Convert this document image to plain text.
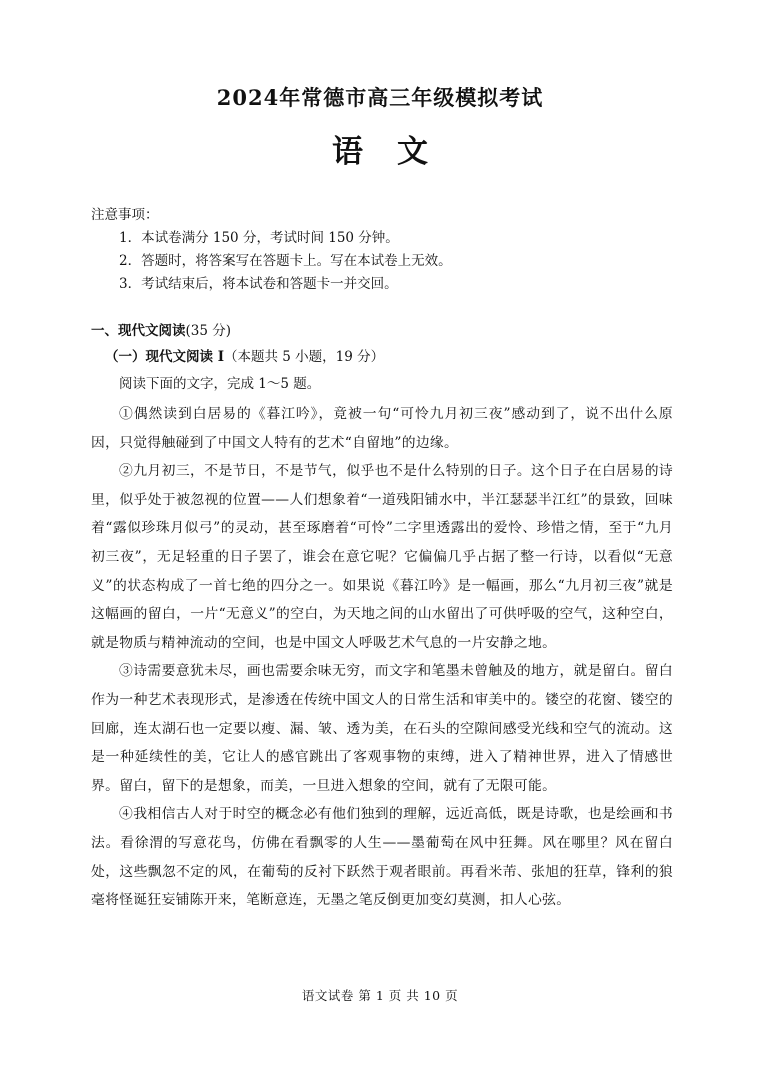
2024年常德市高三年级模拟考试
语文
注意事项：
1．本试卷满分 150 分，考试时间 150 分钟。
2．答题时，将答案写在答题卡上。写在本试卷上无效。
3．考试结束后，将本试卷和答题卡一并交回。
一、现代文阅读(35 分)
（一）现代文阅读 I（本题共 5 小题，19 分）
阅读下面的文字，完成 1～5 题。

①偶然读到白居易的《暮江吟》，竟被一句“可怜九月初三夜”感动到了，说不出什么原因，只觉得触碰到了中国文人特有的艺术“自留地”的边缘。

②九月初三，不是节日，不是节气，似乎也不是什么特别的日子。这个日子在白居易的诗里，似乎处于被忽视的位置——人们想象着“一道残阳铺水中，半江瑟瑟半江红”的景致，回味着“露似珍珠月似弓”的灵动，甚至琢磨着“可怜”二字里透露出的爱怜、珍惜之情，至于“九月初三夜”，无足轻重的日子罢了，谁会在意它呢？它偏偏几乎占据了整一行诗，以看似“无意义”的状态构成了一首七绝的四分之一。如果说《暮江吟》是一幅画，那么“九月初三夜”就是这幅画的留白，一片“无意义”的空白，为天地之间的山水留出了可供呼吸的空气，这种空白，就是物质与精神流动的空间，也是中国文人呼吸艺术气息的一片安静之地。

③诗需要意犹未尽，画也需要余味无穷，而文字和笔墨未曾触及的地方，就是留白。留白作为一种艺术表现形式，是渗透在传统中国文人的日常生活和审美中的。镂空的花窗、镂空的回廊，连太湖石也一定要以瘦、漏、皱、透为美，在石头的空隙间感受光线和空气的流动。这是一种延续性的美，它让人的感官跳出了客观事物的束缚，进入了精神世界，进入了情感世界。留白，留下的是想象，而美，一旦进入想象的空间，就有了无限可能。

④我相信古人对于时空的概念必有他们独到的理解，远近高低，既是诗歌，也是绘画和书法。看徐渭的写意花鸟，仿佛在看飘零的人生——墨葡萄在风中狂舞。风在哪里？风在留白处，这些飘忽不定的风，在葡萄的反衬下跃然于观者眼前。再看米芾、张旭的狂草，锋利的狼毫将怪诞狂妄铺陈开来，笔断意连，无墨之笔反倒更加变幻莫测，扣人心弦。

语文试卷 第 1 页 共 10 页
